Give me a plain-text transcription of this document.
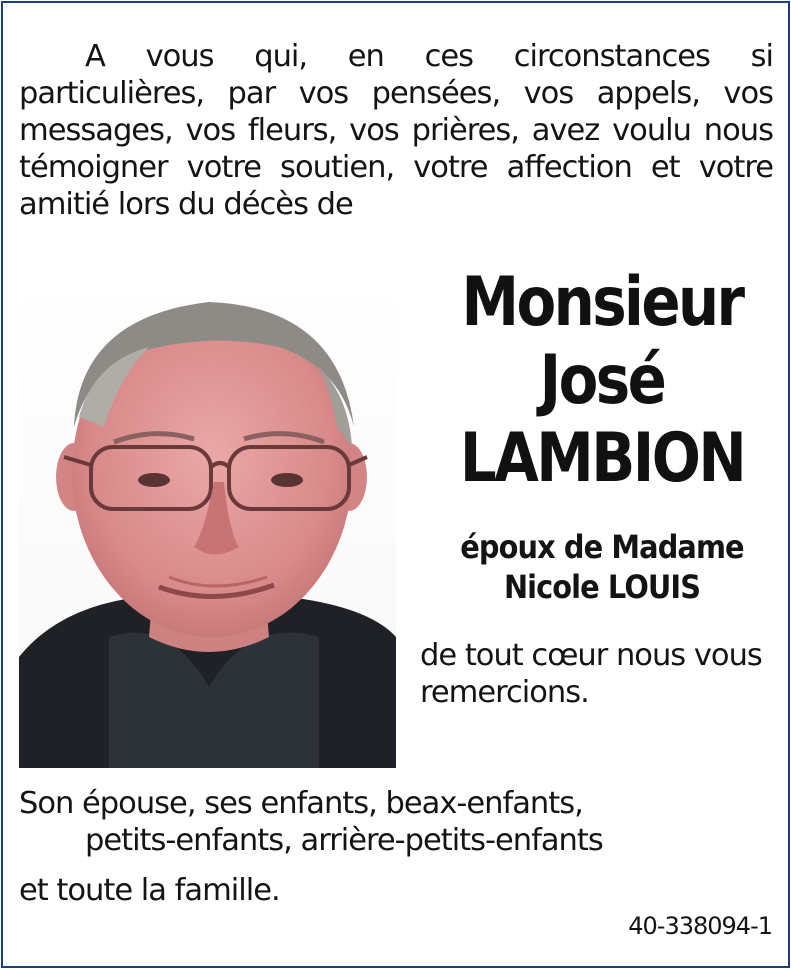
A vous qui, en ces circonstances si particulières, par vos pensées, vos appels, vos messages, vos fleurs, vos prières, avez voulu nous témoigner votre soutien, votre affection et votre amitié lors du décès de

Monsieur
José
LAMBION
époux de Madame
Nicole LOUIS
de tout cœur nous vous remercions.
Son épouse, ses enfants, beax-enfants,
petits-enfants, arrière-petits-enfants
et toute la famille.
40-338094-1
